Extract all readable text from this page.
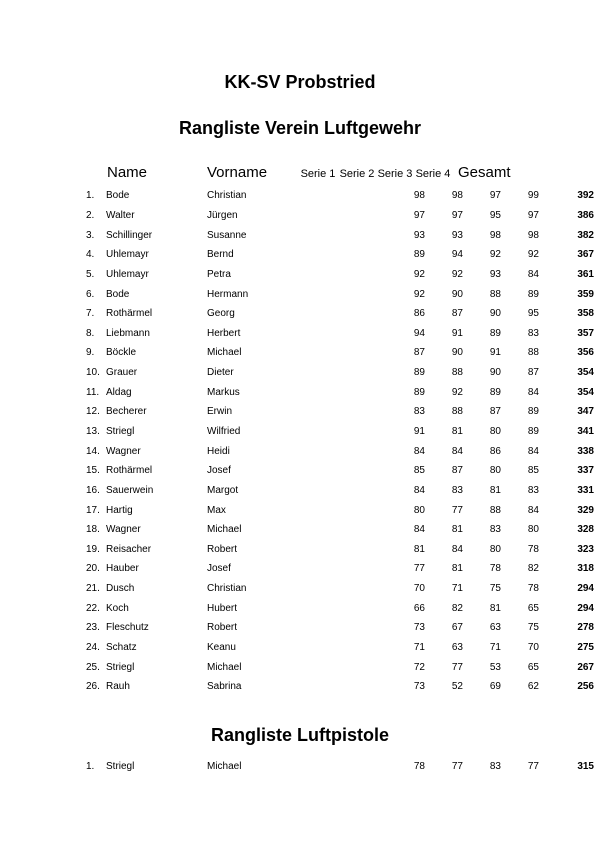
KK-SV Probstried
Rangliste Verein Luftgewehr
Name	Vorname	Serie 1 Serie 2 Serie 3 Serie 4 Gesamt
1.	Bode	Christian	98	98	97	99	392
2.	Walter	Jürgen	97	97	95	97	386
3.	Schillinger	Susanne	93	93	98	98	382
4.	Uhlemayr	Bernd	89	94	92	92	367
5.	Uhlemayr	Petra	92	92	93	84	361
6.	Bode	Hermann	92	90	88	89	359
7.	Rothärmel	Georg	86	87	90	95	358
8.	Liebmann	Herbert	94	91	89	83	357
9.	Böckle	Michael	87	90	91	88	356
10.	Grauer	Dieter	89	88	90	87	354
11.	Aldag	Markus	89	92	89	84	354
12.	Becherer	Erwin	83	88	87	89	347
13.	Striegl	Wilfried	91	81	80	89	341
14.	Wagner	Heidi	84	84	86	84	338
15.	Rothärmel	Josef	85	87	80	85	337
16.	Sauerwein	Margot	84	83	81	83	331
17.	Hartig	Max	80	77	88	84	329
18.	Wagner	Michael	84	81	83	80	328
19.	Reisacher	Robert	81	84	80	78	323
20.	Hauber	Josef	77	81	78	82	318
21.	Dusch	Christian	70	71	75	78	294
22.	Koch	Hubert	66	82	81	65	294
23.	Fleschutz	Robert	73	67	63	75	278
24.	Schatz	Keanu	71	63	71	70	275
25.	Striegl	Michael	72	77	53	65	267
26.	Rauh	Sabrina	73	52	69	62	256
Rangliste Luftpistole
1.	Striegl	Michael	78	77	83	77	315
